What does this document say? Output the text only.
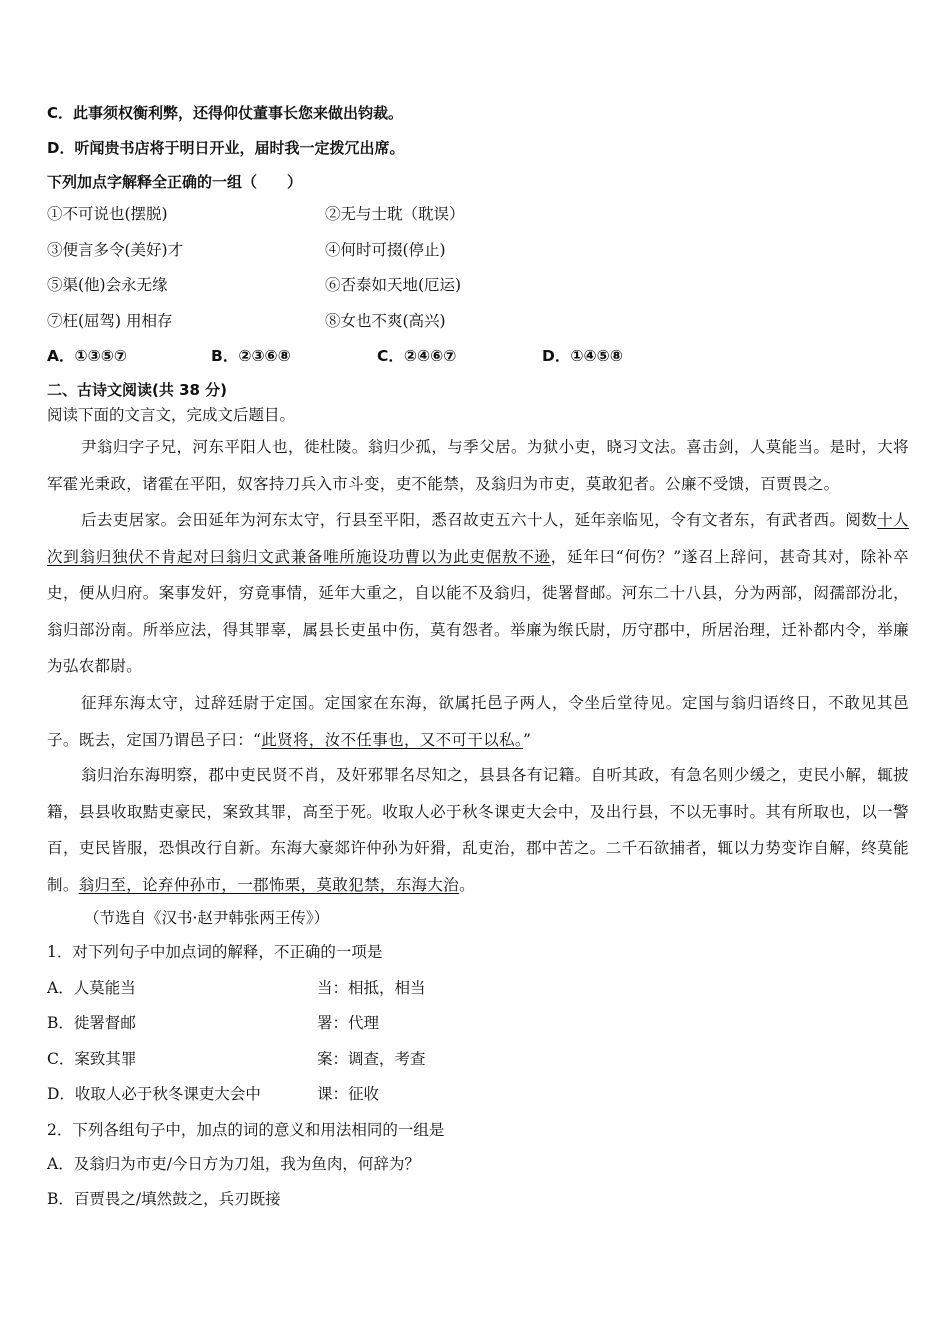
C．此事须权衡利弊，还得仰仗董事长您来做出钧裁。
D．听闻贵书店将于明日开业，届时我一定拨冗出席。
下列加点字解释全正确的一组（　　）
①不可说也(摆脱)	②无与士耽（耽误）
③便言多令(美好)才	④何时可掇(停止)
⑤渠(他)会永无缘	⑥否泰如天地(厄运)
⑦枉(屈驾) 用相存	⑧女也不爽(高兴)
A．①③⑤⑦	B．②③⑥⑧	C．②④⑥⑦	D．①④⑤⑧
二、古诗文阅读(共 38 分)
阅读下面的文言文，完成文后题目。
尹翁归字子兄，河东平阳人也，徙杜陵。翁归少孤，与季父居。为狱小吏，晓习文法。喜击剑，人莫能当。是时，大将军霍光秉政，诸霍在平阳，奴客持刀兵入市斗变，吏不能禁，及翁归为市吏，莫敢犯者。公廉不受馈，百贾畏之。
后去吏居家。会田延年为河东太守，行县至平阳，悉召故吏五六十人，延年亲临见，令有文者东，有武者西。阅数十人次到翁归独伏不肯起对曰翁归文武兼备唯所施设功曹以为此吏倨敖不逊，延年曰“何伤？”遂召上辞问，甚奇其对，除补卒史，便从归府。案事发奸，穷竟事情，延年大重之，自以能不及翁归，徙署督邮。河东二十八县，分为两部，闳孺部汾北，翁归部汾南。所举应法，得其罪辜，属县长吏虽中伤，莫有怨者。举廉为缑氏尉，历守郡中，所居治理，迁补都内令，举廉为弘农都尉。
征拜东海太守，过辞廷尉于定国。定国家在东海，欲属托邑子两人，令坐后堂待见。定国与翁归语终日，不敢见其邑子。既去，定国乃谓邑子曰：“此贤将，汝不任事也，又不可干以私。”
翁归治东海明察，郡中吏民贤不肖，及奸邪罪名尽知之，县县各有记籍。自听其政，有急名则少缓之，吏民小解，辄披籍，县县收取黠吏豪民，案致其罪，高至于死。收取人必于秋冬课吏大会中，及出行县，不以无事时。其有所取也，以一警百，吏民皆服，恐惧改行自新。东海大豪郯许仲孙为奸猾，乱吏治，郡中苦之。二千石欲捕者，辄以力势变诈自解，终莫能制。翁归至，论弃仲孙市，一郡怖栗，莫敢犯禁，东海大治。
（节选自《汉书·赵尹韩张两王传》）
1．对下列句子中加点词的解释，不正确的一项是
A．人莫能当	当：相抵，相当
B．徙署督邮	署：代理
C．案致其罪	案：调查，考查
D．收取人必于秋冬课吏大会中	课：征收
2．下列各组句子中，加点的词的意义和用法相同的一组是
A．及翁归为市吏/今日方为刀俎，我为鱼肉，何辞为？
B．百贾畏之/填然鼓之，兵刃既接
